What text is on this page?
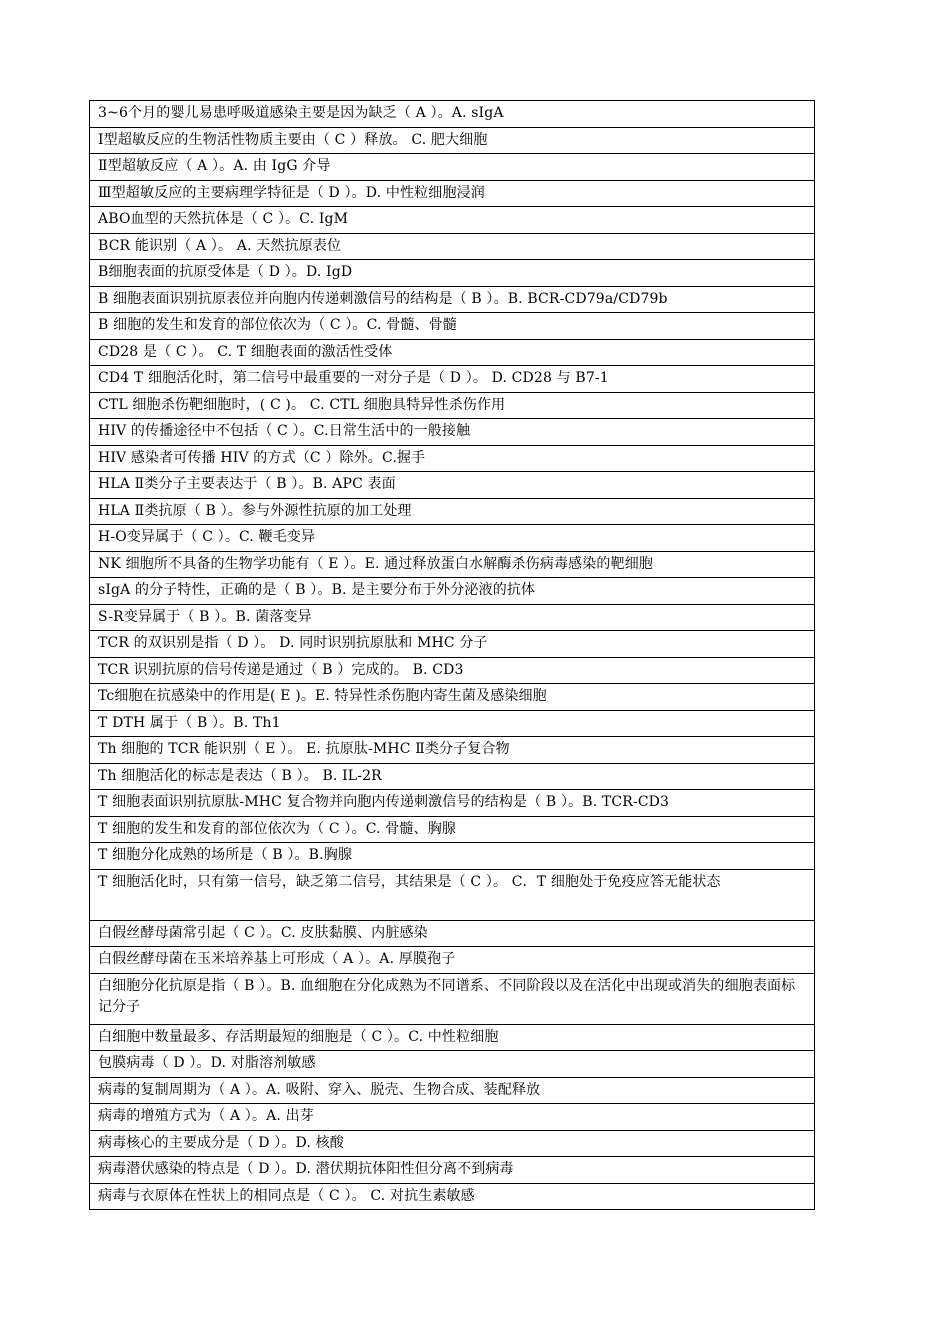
3~6个月的婴儿易患呼吸道感染主要是因为缺乏（ A ）。A. sIgA
Ⅰ型超敏反应的生物活性物质主要由（ C ）释放。 C. 肥大细胞
Ⅱ型超敏反应（ A ）。A. 由 IgG 介导
Ⅲ型超敏反应的主要病理学特征是（ D ）。D. 中性粒细胞浸润
ABO血型的天然抗体是（ C ）。C. IgM
BCR 能识别（ A ）。 A. 天然抗原表位
B细胞表面的抗原受体是（ D ）。D. IgD
B 细胞表面识别抗原表位并向胞内传递刺激信号的结构是（ B ）。B. BCR-CD79a/CD79b
B 细胞的发生和发育的部位依次为（ C ）。C. 骨髓、骨髓
CD28 是（ C ）。 C. T 细胞表面的激活性受体
CD4 T 细胞活化时，第二信号中最重要的一对分子是（ D ）。 D. CD28 与 B7-1
CTL 细胞杀伤靶细胞时，( C )。 C. CTL 细胞具特异性杀伤作用
HIV 的传播途径中不包括（ C ）。C.日常生活中的一般接触
HIV 感染者可传播 HIV 的方式（C ）除外。C.握手
HLA Ⅱ类分子主要表达于（ B ）。B. APC 表面
HLA Ⅱ类抗原（ B ）。参与外源性抗原的加工处理
H-O变异属于（ C ）。C. 鞭毛变异
NK 细胞所不具备的生物学功能有（ E ）。E. 通过释放蛋白水解酶杀伤病毒感染的靶细胞
sIgA 的分子特性，正确的是（ B ）。B. 是主要分布于外分泌液的抗体
S-R变异属于（ B ）。B. 菌落变异
TCR 的双识别是指（ D ）。 D. 同时识别抗原肽和 MHC 分子
TCR 识别抗原的信号传递是通过（ B ）完成的。 B. CD3
Tc细胞在抗感染中的作用是( E )。E. 特异性杀伤胞内寄生菌及感染细胞
T DTH 属于（ B ）。B. Th1
Th 细胞的 TCR 能识别（ E ）。 E. 抗原肽-MHC Ⅱ类分子复合物
Th 细胞活化的标志是表达（ B ）。 B. IL-2R
T 细胞表面识别抗原肽-MHC 复合物并向胞内传递刺激信号的结构是（ B ）。B. TCR-CD3
T 细胞的发生和发育的部位依次为（ C ）。C. 骨髓、胸腺
T 细胞分化成熟的场所是（ B ）。B.胸腺
T 细胞活化时，只有第一信号，缺乏第二信号，其结果是（ C ）。 C．T 细胞处于免疫应答无能状态
白假丝酵母菌常引起（ C ）。C. 皮肤黏膜、内脏感染
白假丝酵母菌在玉米培养基上可形成（ A ）。A. 厚膜孢子
白细胞分化抗原是指（ B ）。B. 血细胞在分化成熟为不同谱系、不同阶段以及在活化中出现或消失的细胞表面标记分子
白细胞中数量最多、存活期最短的细胞是（ C ）。C. 中性粒细胞
包膜病毒（ D ）。D. 对脂溶剂敏感
病毒的复制周期为（ A ）。A. 吸附、穿入、脱壳、生物合成、装配释放
病毒的增殖方式为（ A ）。A. 出芽
病毒核心的主要成分是（ D ）。D. 核酸
病毒潜伏感染的特点是（ D ）。D. 潜伏期抗体阳性但分离不到病毒
病毒与衣原体在性状上的相同点是（ C ）。 C. 对抗生素敏感
